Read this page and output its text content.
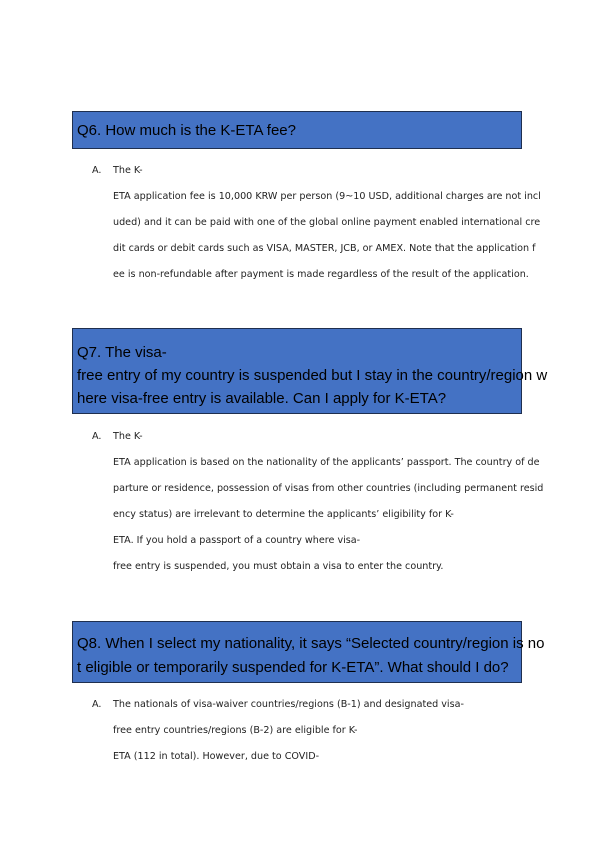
Q6. How much is the K-ETA fee?
A. The K-
ETA application fee is 10,000 KRW per person (9~10 USD, additional charges are not incl
uded) and it can be paid with one of the global online payment enabled international cre
dit cards or debit cards such as VISA, MASTER, JCB, or AMEX. Note that the application f
ee is non-refundable after payment is made regardless of the result of the application.
Q7. The visa-
free entry of my country is suspended but I stay in the country/region w
here visa-free entry is available. Can I apply for K-ETA?
A. The K-
ETA application is based on the nationality of the applicants’ passport. The country of de
parture or residence, possession of visas from other countries (including permanent resid
ency status) are irrelevant to determine the applicants’ eligibility for K-
ETA. If you hold a passport of a country where visa-
free entry is suspended, you must obtain a visa to enter the country.
Q8. When I select my nationality, it says “Selected country/region is no
t eligible or temporarily suspended for K-ETA”. What should I do?
A. The nationals of visa-waiver countries/regions (B-1) and designated visa-
free entry countries/regions (B-2) are eligible for K-
ETA (112 in total). However, due to COVID-
